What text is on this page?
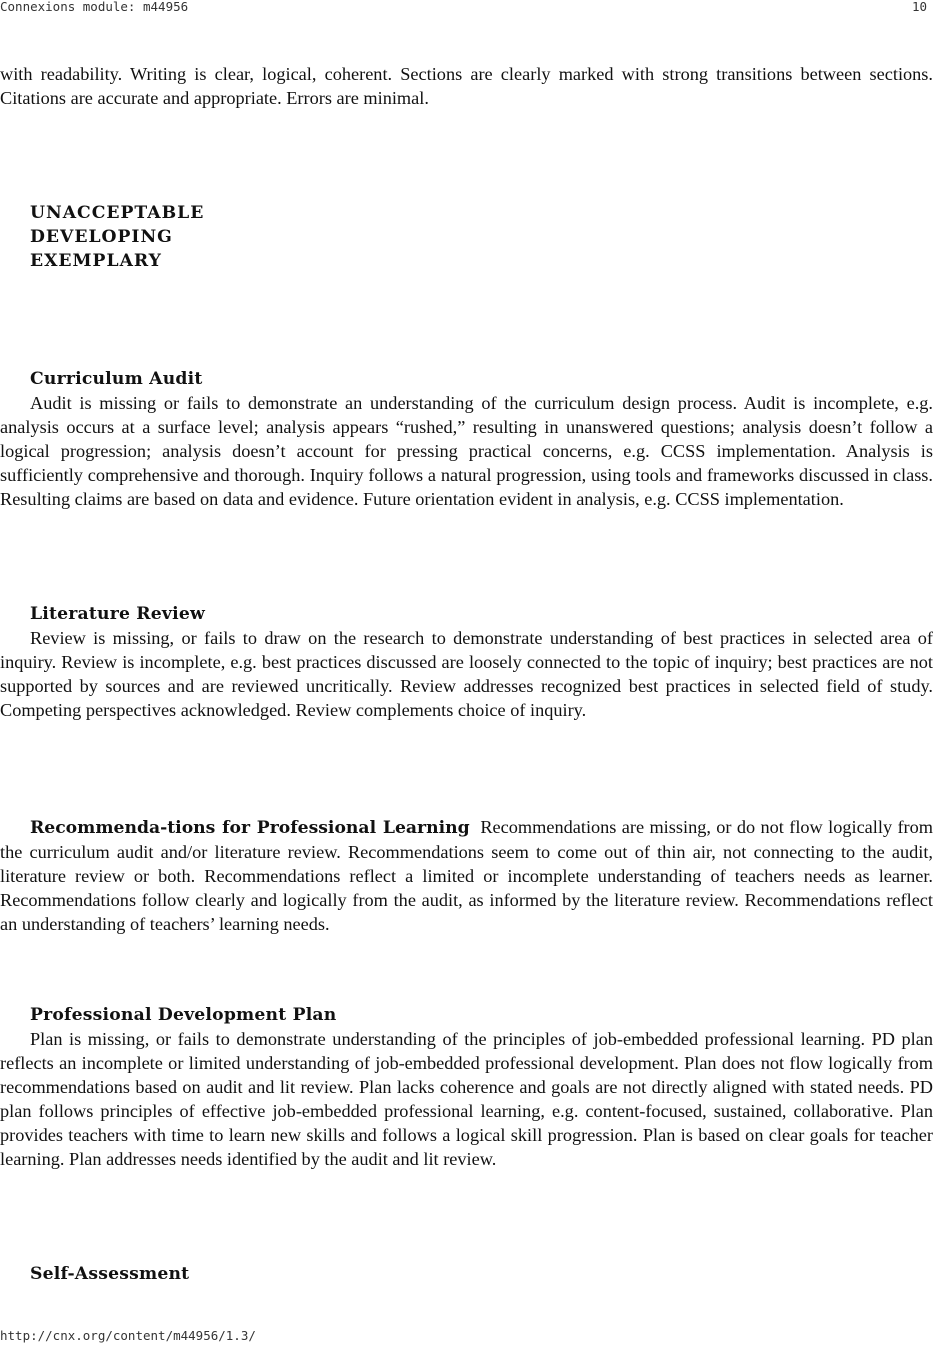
Connexions module: m44956	10

with readability. Writing is clear, logical, coherent. Sections are clearly marked with strong transitions between sections. Citations are accurate and appropriate. Errors are minimal.

UNACCEPTABLE
DEVELOPING
EXEMPLARY
Curriculum Audit

Audit is missing or fails to demonstrate an understanding of the curriculum design process. Audit is incomplete, e.g. analysis occurs at a surface level; analysis appears “rushed,” resulting in unanswered questions; analysis doesn’t follow a logical progression; analysis doesn’t account for pressing practical concerns, e.g. CCSS implementation. Analysis is sufficiently comprehensive and thorough. Inquiry follows a natural progression, using tools and frameworks discussed in class. Resulting claims are based on data and evidence. Future orientation evident in analysis, e.g. CCSS implementation.

Literature Review

Review is missing, or fails to draw on the research to demonstrate understanding of best practices in selected area of inquiry. Review is incomplete, e.g. best practices discussed are loosely connected to the topic of inquiry; best practices are not supported by sources and are reviewed uncritically. Review addresses recognized best practices in selected field of study. Competing perspectives acknowledged. Review complements choice of inquiry.

Recommenda-tions for Professional Learning Recommendations are missing, or do not flow logically from the curriculum audit and/or literature review. Recommendations seem to come out of thin air, not connecting to the audit, literature review or both. Recommendations reflect a limited or incomplete understanding of teachers needs as learner. Recommendations follow clearly and logically from the audit, as informed by the literature review. Recommendations reflect an understanding of teachers’ learning needs.

Professional Development Plan

Plan is missing, or fails to demonstrate understanding of the principles of job-embedded professional learning. PD plan reflects an incomplete or limited understanding of job-embedded professional development. Plan does not flow logically from recommendations based on audit and lit review. Plan lacks coherence and goals are not directly aligned with stated needs. PD plan follows principles of effective job-embedded professional learning, e.g. content-focused, sustained, collaborative. Plan provides teachers with time to learn new skills and follows a logical skill progression. Plan is based on clear goals for teacher learning. Plan addresses needs identified by the audit and lit review.

Self-Assessment
http://cnx.org/content/m44956/1.3/
